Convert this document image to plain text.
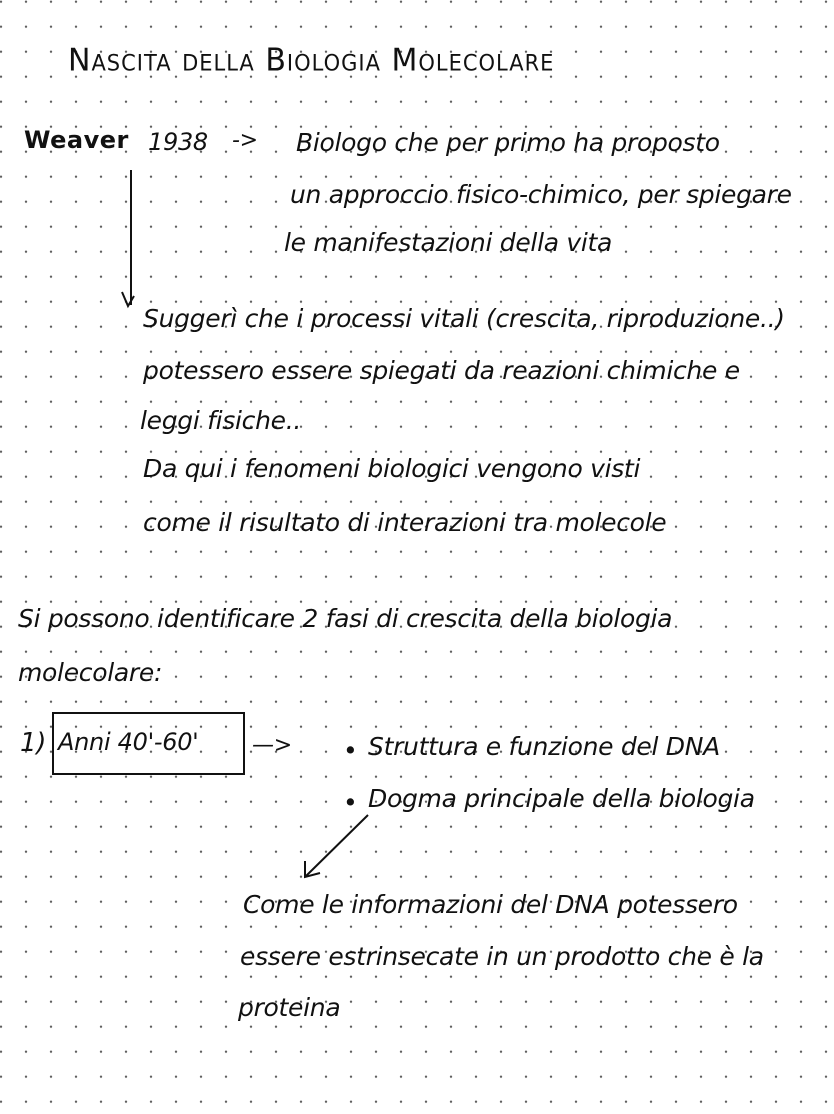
Nascita della Biologia Molecolare
Weaver 1938 -> Biologo che per primo ha proposto
un approccio fisico-chimico, per spiegare
le manifestazioni della vita
Suggerì che i processi vitali (crescita, riproduzione..)
potessero essere spiegati da reazioni chimiche e
leggi fisiche..
Da qui i fenomeni biologici vengono visti
come il risultato di interazioni tra molecole
Si possono identificare 2 fasi di crescita della biologia
molecolare:
1) Anni 40'-60' —> • Struttura e funzione del DNA
• Dogma principale della biologia
Come le informazioni del DNA potessero
essere estrinsecate in un prodotto che è la
proteina
